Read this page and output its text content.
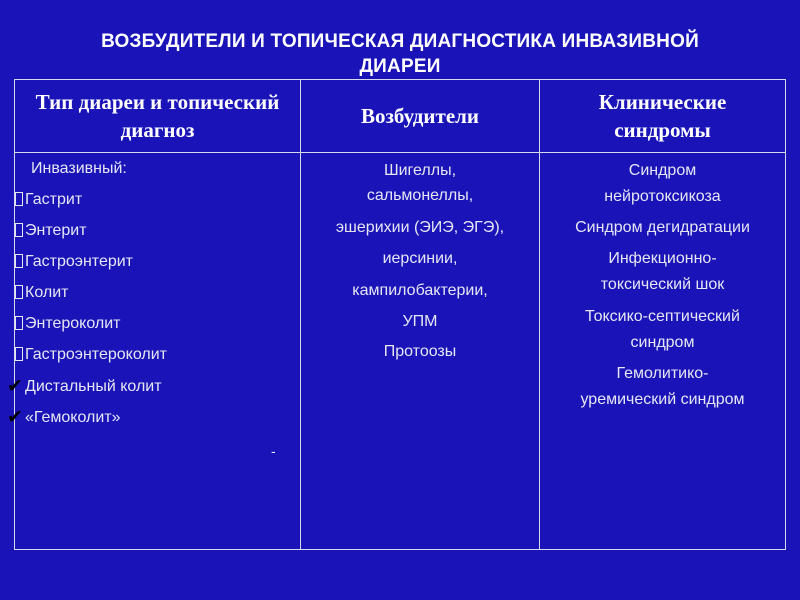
ВОЗБУДИТЕЛИ И ТОПИЧЕСКАЯ ДИАГНОСТИКА ИНВАЗИВНОЙ
ДИАРЕИ
Тип диареи и топический диагноз
Возбудители
Клинические синдромы
Инвазивный:
Гастрит
Энтерит
Гастроэнтерит
Колит
Энтероколит
Гастроэнтероколит
✔ Дистальный колит
✔ «Гемоколит»
-
Шигеллы,
сальмонеллы,
эшерихии (ЭИЭ, ЭГЭ),
иерсинии,
кампилобактерии,
УПМ
Протоозы
Синдром
нейротоксикоза
Синдром дегидратации
Инфекционно-
токсический шок
Токсико-септический
синдром
Гемолитико-
уремический синдром
